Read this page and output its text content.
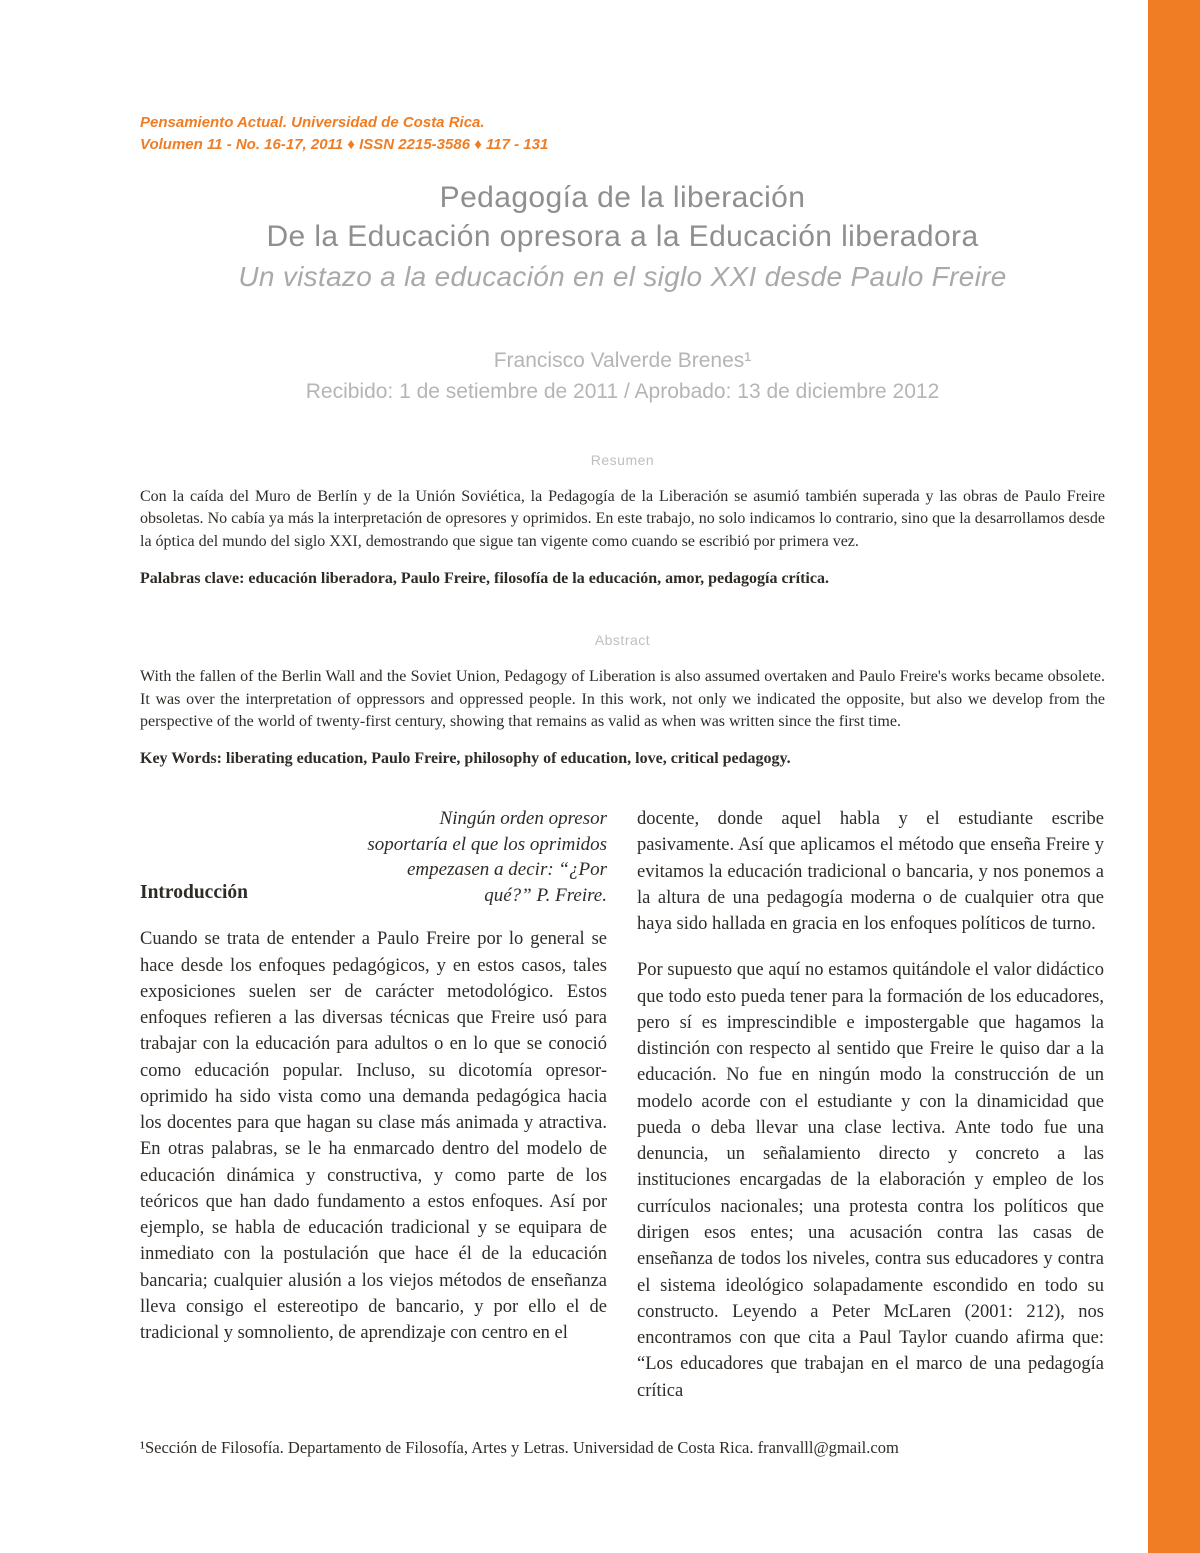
Pensamiento Actual. Universidad de Costa Rica.
Volumen 11 - No. 16-17, 2011 ♦ ISSN 2215-3586 ♦ 117 - 131
Pedagogía de la liberación
De la Educación opresora a la Educación liberadora
Un vistazo a la educación en el siglo XXI desde Paulo Freire
Francisco Valverde Brenes¹
Recibido: 1 de setiembre de 2011 / Aprobado: 13 de diciembre 2012
Resumen

Con la caída del Muro de Berlín y de la Unión Soviética, la Pedagogía de la Liberación se asumió también superada y las obras de Paulo Freire obsoletas. No cabía ya más la interpretación de opresores y oprimidos. En este trabajo, no solo indicamos lo contrario, sino que la desarrollamos desde la óptica del mundo del siglo XXI, demostrando que sigue tan vigente como cuando se escribió por primera vez.

Palabras clave: educación liberadora, Paulo Freire, filosofía de la educación, amor, pedagogía crítica.
Abstract

With the fallen of the Berlin Wall and the Soviet Union, Pedagogy of Liberation is also assumed overtaken and Paulo Freire's works became obsolete. It was over the interpretation of oppressors and oppressed people. In this work, not only we indicated the opposite, but also we develop from the perspective of the world of twenty-first century, showing that remains as valid as when was written since the first time.

Key Words: liberating education, Paulo Freire, philosophy of education, love, critical pedagogy.
Ningún orden opresor soportaría el que los oprimidos empezasen a decir: “¿Por qué?” P. Freire.
Introducción

Cuando se trata de entender a Paulo Freire por lo general se hace desde los enfoques pedagógicos, y en estos casos, tales exposiciones suelen ser de carácter metodológico. Estos enfoques refieren a las diversas técnicas que Freire usó para trabajar con la educación para adultos o en lo que se conoció como educación popular. Incluso, su dicotomía opresor-oprimido ha sido vista como una demanda pedagógica hacia los docentes para que hagan su clase más animada y atractiva. En otras palabras, se le ha enmarcado dentro del modelo de educación dinámica y constructiva, y como parte de los teóricos que han dado fundamento a estos enfoques. Así por ejemplo, se habla de educación tradicional y se equipara de inmediato con la postulación que hace él de la educación bancaria; cualquier alusión a los viejos métodos de enseñanza lleva consigo el estereotipo de bancario, y por ello el de tradicional y somnoliento, de aprendizaje con centro en el

docente, donde aquel habla y el estudiante escribe pasivamente. Así que aplicamos el método que enseña Freire y evitamos la educación tradicional o bancaria, y nos ponemos a la altura de una pedagogía moderna o de cualquier otra que haya sido hallada en gracia en los enfoques políticos de turno.

Por supuesto que aquí no estamos quitándole el valor didáctico que todo esto pueda tener para la formación de los educadores, pero sí es imprescindible e impostergable que hagamos la distinción con respecto al sentido que Freire le quiso dar a la educación. No fue en ningún modo la construcción de un modelo acorde con el estudiante y con la dinamicidad que pueda o deba llevar una clase lectiva. Ante todo fue una denuncia, un señalamiento directo y concreto a las instituciones encargadas de la elaboración y empleo de los currículos nacionales; una protesta contra los políticos que dirigen esos entes; una acusación contra las casas de enseñanza de todos los niveles, contra sus educadores y contra el sistema ideológico solapadamente escondido en todo su constructo. Leyendo a Peter McLaren (2001: 212), nos encontramos con que cita a Paul Taylor cuando afirma que: “Los educadores que trabajan en el marco de una pedagogía crítica

¹Sección de Filosofía. Departamento de Filosofía, Artes y Letras. Universidad de Costa Rica. franvalll@gmail.com
